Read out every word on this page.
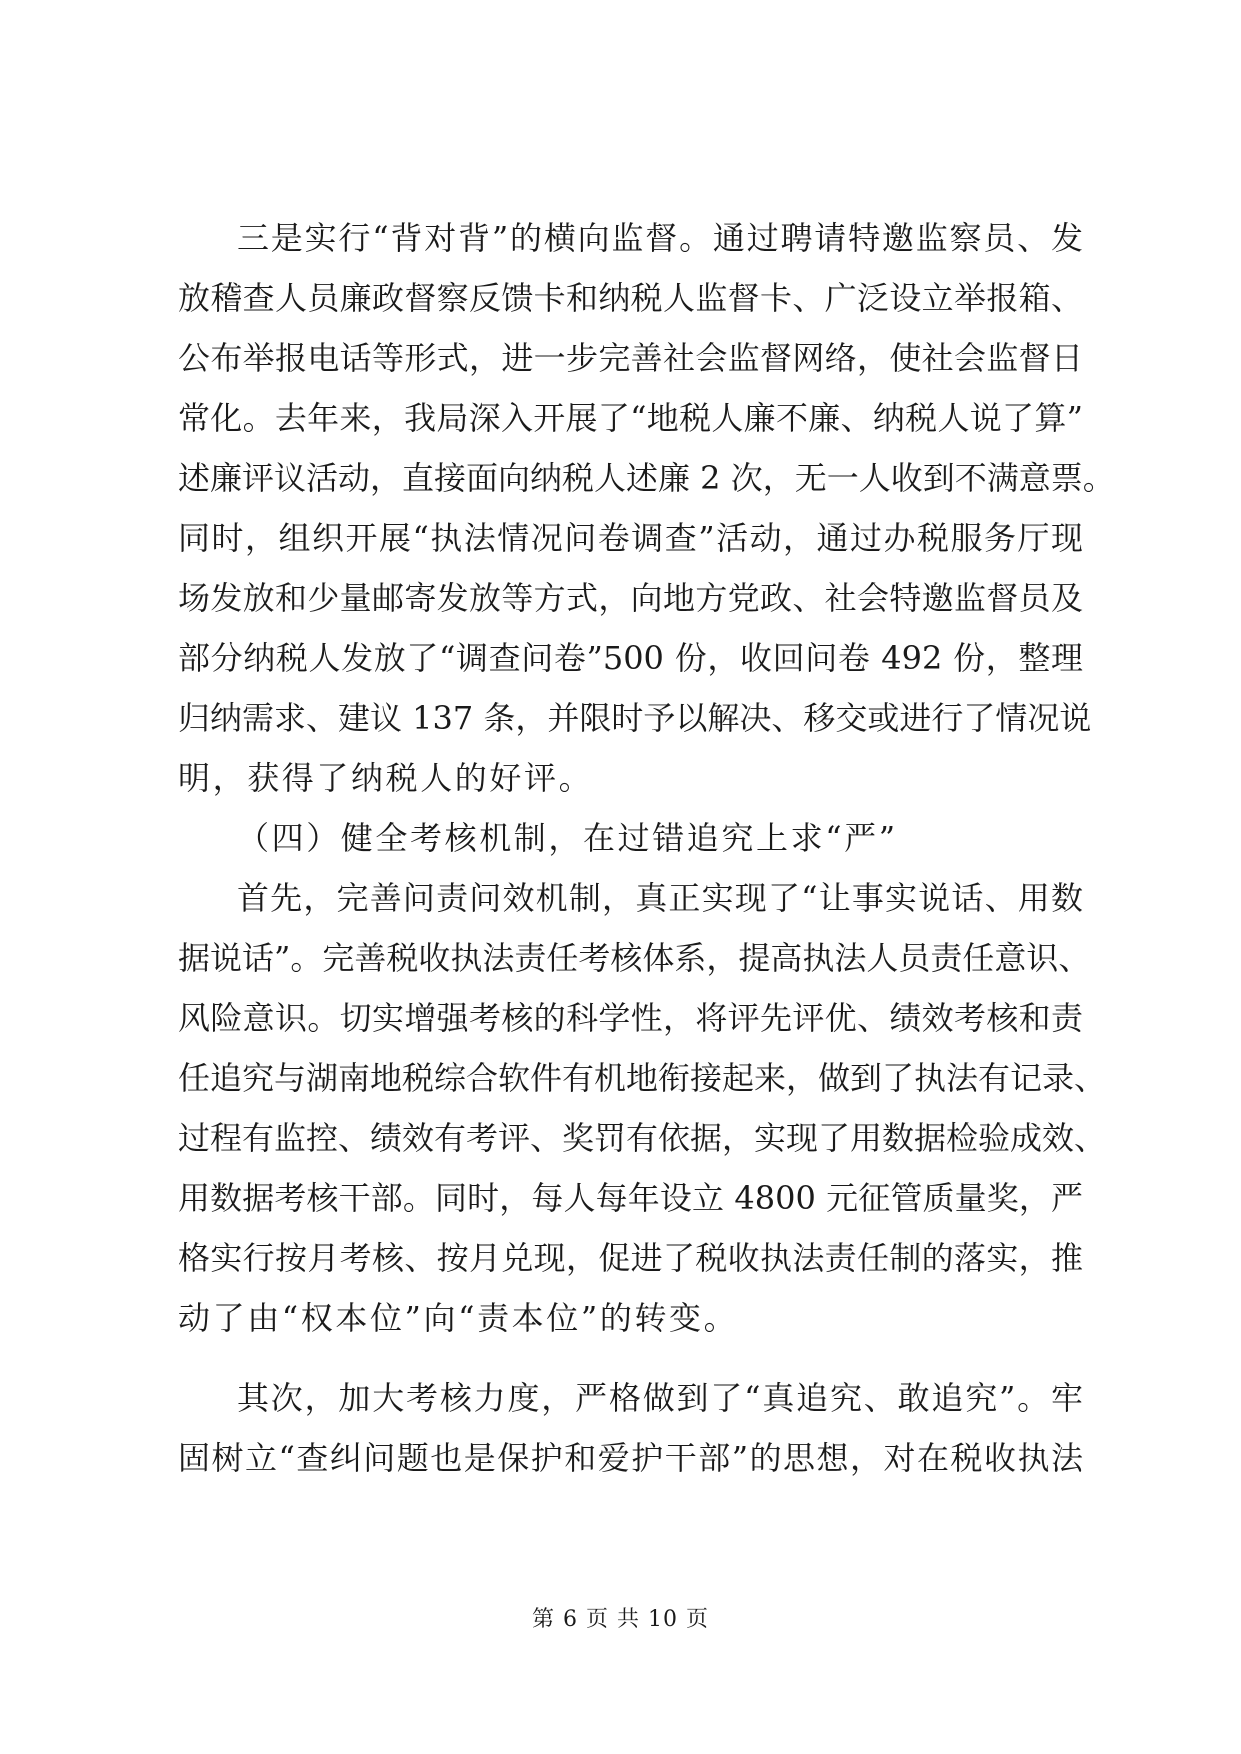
三是实行“背对背”的横向监督。通过聘请特邀监察员、发
放稽查人员廉政督察反馈卡和纳税人监督卡、广泛设立举报箱、
公布举报电话等形式，进一步完善社会监督网络，使社会监督日
常化。去年来，我局深入开展了“地税人廉不廉、纳税人说了算”
述廉评议活动，直接面向纳税人述廉 2 次，无一人收到不满意票。
同时，组织开展“执法情况问卷调查”活动，通过办税服务厅现
场发放和少量邮寄发放等方式，向地方党政、社会特邀监督员及
部分纳税人发放了“调查问卷”500 份，收回问卷 492 份，整理
归纳需求、建议 137 条，并限时予以解决、移交或进行了情况说
明，获得了纳税人的好评。
（四）健全考核机制，在过错追究上求“严”
首先，完善问责问效机制，真正实现了“让事实说话、用数
据说话”。完善税收执法责任考核体系，提高执法人员责任意识、
风险意识。切实增强考核的科学性，将评先评优、绩效考核和责
任追究与湖南地税综合软件有机地衔接起来，做到了执法有记录、
过程有监控、绩效有考评、奖罚有依据，实现了用数据检验成效、
用数据考核干部。同时，每人每年设立 4800 元征管质量奖，严
格实行按月考核、按月兑现，促进了税收执法责任制的落实，推
动了由“权本位”向“责本位”的转变。
其次，加大考核力度，严格做到了“真追究、敢追究”。牢
固树立“查纠问题也是保护和爱护干部”的思想，对在税收执法
第 6 页 共 10 页
